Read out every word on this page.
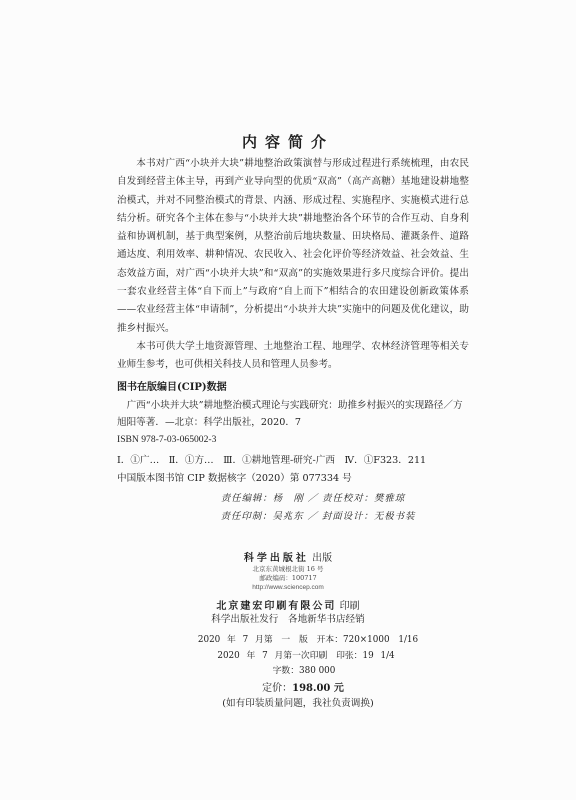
内容简介

本书对广西“小块并大块”耕地整治政策演替与形成过程进行系统梳理，由农民自发到经营主体主导，再到产业导向型的优质“双高”（高产高糖）基地建设耕地整治模式，并对不同整治模式的背景、内涵、形成过程、实施程序、实施模式进行总结分析。研究各个主体在参与“小块并大块”耕地整治各个环节的合作互动、自身利益和协调机制，基于典型案例，从整治前后地块数量、田块格局、灌溉条件、道路通达度、利用效率、耕种情况、农民收入、社会化评价等经济效益、社会效益、生态效益方面，对广西“小块并大块”和“双高”的实施效果进行多尺度综合评价。提出一套农业经营主体“自下而上”与政府“自上而下”相结合的农田建设创新政策体系——农业经营主体“申请制”，分析提出“小块并大块”实施中的问题及优化建议，助推乡村振兴。

本书可供大学土地资源管理、土地整治工程、地理学、农林经济管理等相关专业师生参考，也可供相关科技人员和管理人员参考。

图书在版编目(CIP)数据
广西“小块并大块”耕地整治模式理论与实践研究：助推乡村振兴的实现路径／方旭阳等著．—北京：科学出版社，2020．7
ISBN 978-7-03-065002-3
Ⅰ．①广…　Ⅱ．①方…　Ⅲ．①耕地管理-研究-广西　Ⅳ．①F323．211
中国版本图书馆 CIP 数据核字（2020）第 077334 号
责任编辑：杨　刚 ／ 责任校对：樊雅琼
责任印制：吴兆东 ／ 封面设计：无极书装
科学出版社 出版
北京东黄城根北街 16 号
邮政编码：100717
http://www.sciencep.com
北京建宏印刷有限公司 印刷
科学出版社发行　各地新华书店经销
2020 年 7 月第　一　版　开本：720×1000　1/16
2020 年 7 月第一次印刷　印张：19 1/4
字数：380 000
定价：198.00 元
(如有印装质量问题，我社负责调换)
